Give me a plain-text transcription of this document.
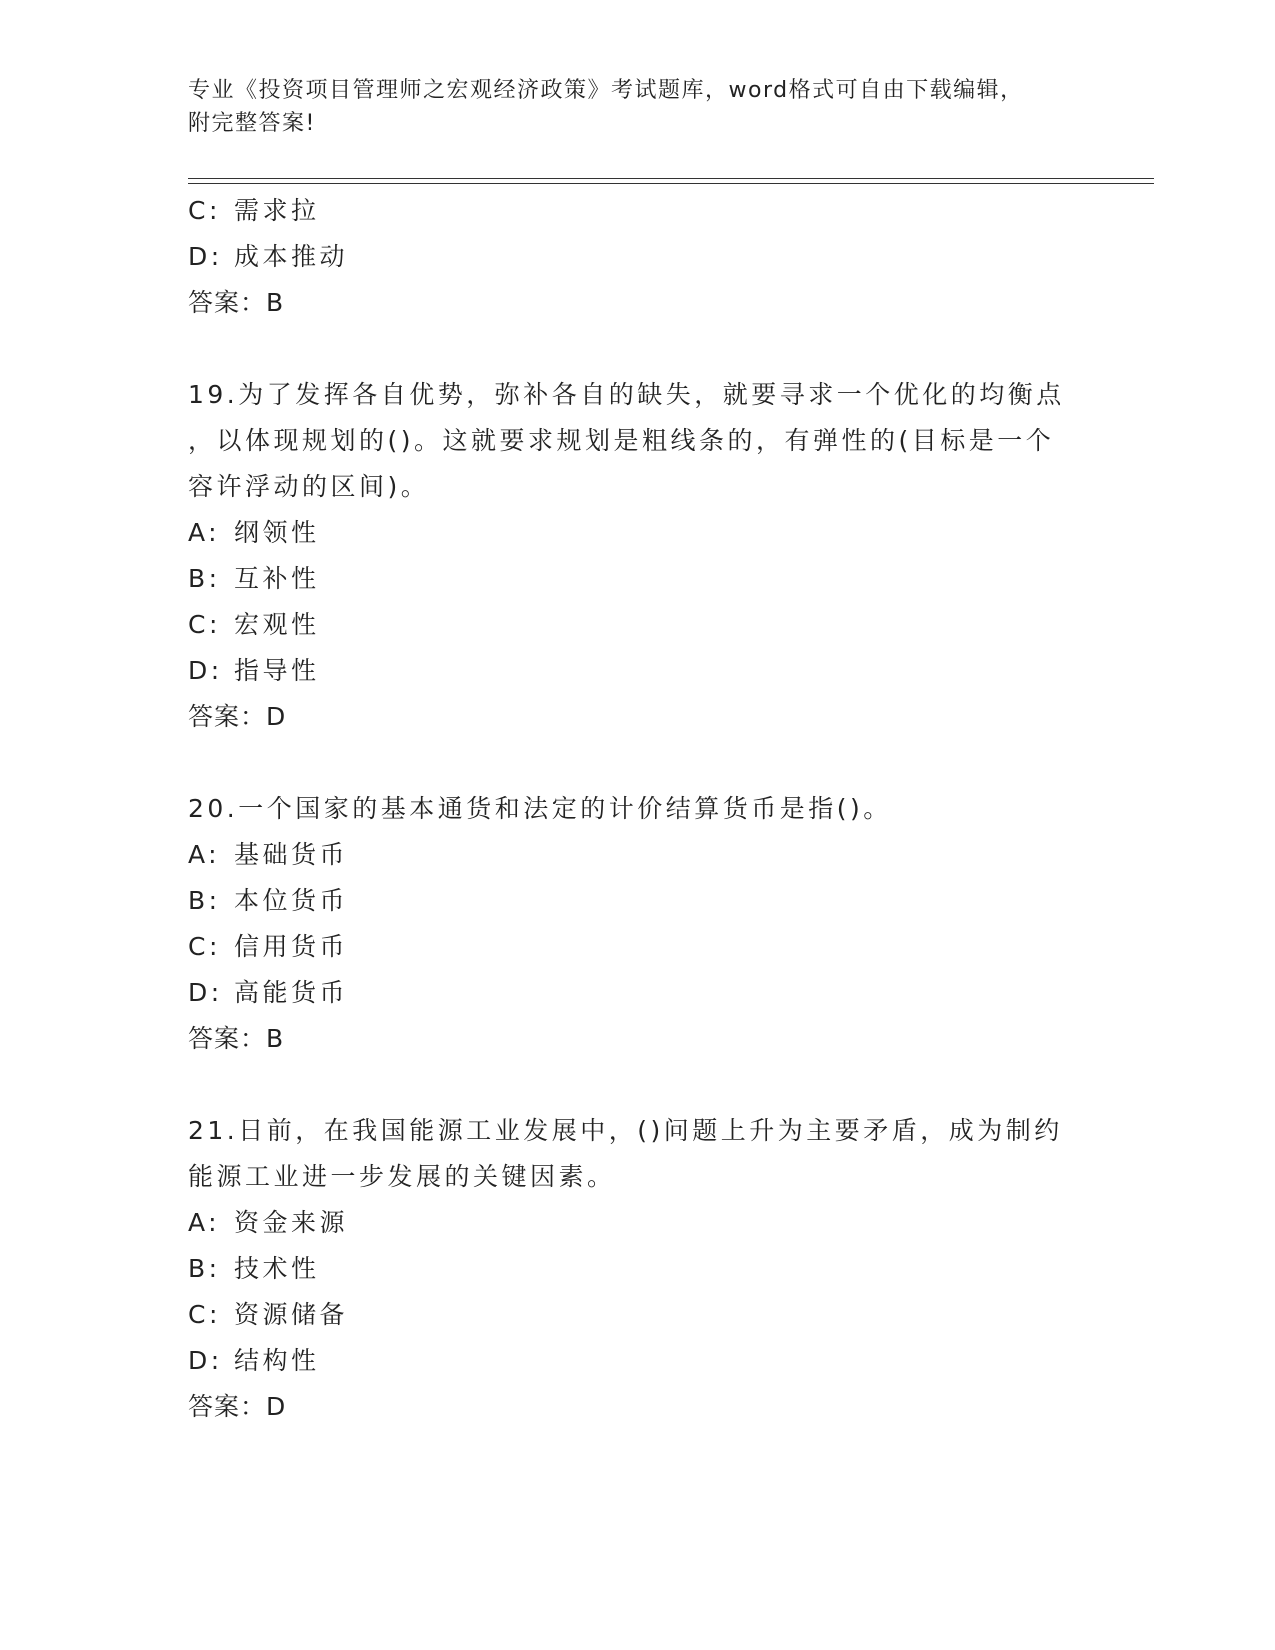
专业《投资项目管理师之宏观经济政策》考试题库，word格式可自由下载编辑，
附完整答案!
C: 需求拉
D: 成本推动
答案：B
19.为了发挥各自优势，弥补各自的缺失，就要寻求一个优化的均衡点
，以体现规划的()。这就要求规划是粗线条的，有弹性的(目标是一个
容许浮动的区间)。
A: 纲领性
B: 互补性
C: 宏观性
D: 指导性
答案：D
20.一个国家的基本通货和法定的计价结算货币是指()。
A: 基础货币
B: 本位货币
C: 信用货币
D: 高能货币
答案：B
21.日前，在我国能源工业发展中，()问题上升为主要矛盾，成为制约
能源工业进一步发展的关键因素。
A: 资金来源
B: 技术性
C: 资源储备
D: 结构性
答案：D
